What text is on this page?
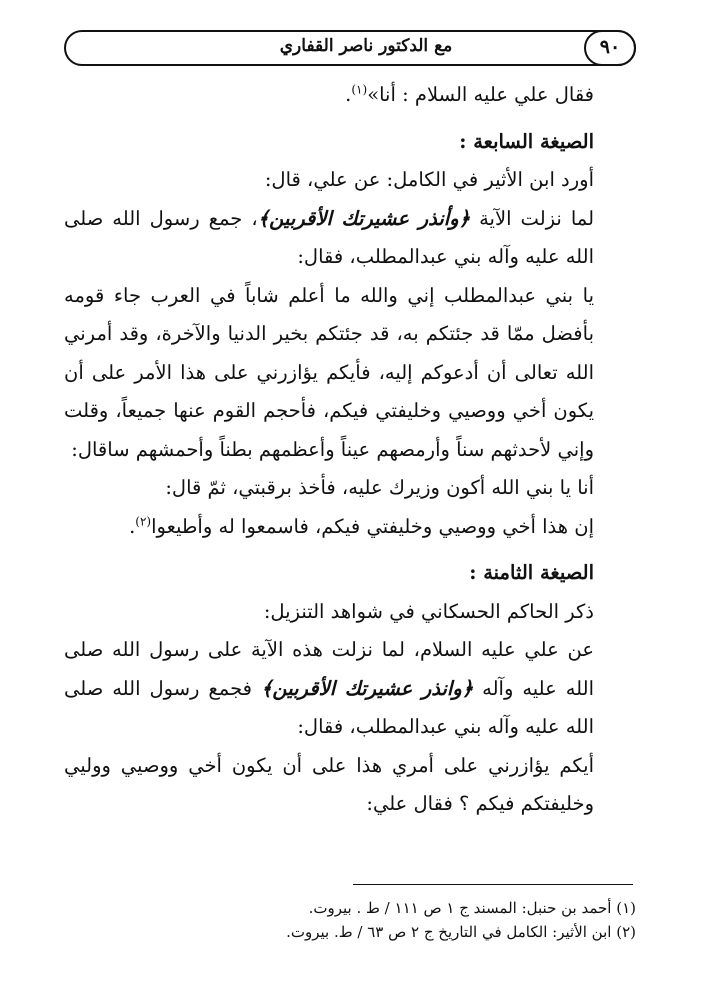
مع الدكتور ناصر القفاري	٩٠

فقال علي عليه السلام : أنا»$^{(١)}$.

الصيغة السابعة :

أورد ابن الأثير في الكامل: عن علي، قال:

لما نزلت الآية ﴿وأنذر عشيرتك الأقربين﴾، جمع رسول الله صلى الله عليه وآله بني عبدالمطلب، فقال:

يا بني عبدالمطلب إني والله ما أعلم شاباً في العرب جاء قومه بأفضل ممّا قد جئتكم به، قد جئتكم بخير الدنيا والآخرة، وقد أمرني الله تعالى أن أدعوكم إليه، فأيكم يؤازرني على هذا الأمر على أن يكون أخي ووصيي وخليفتي فيكم، فأحجم القوم عنها جميعاً، وقلت وإني لأحدثهم سناً وأرمصهم عيناً وأعظمهم بطناً وأحمشهم ساقال:

أنا يا بني الله أكون وزيرك عليه، فأخذ برقبتي، ثمّ قال:

إن هذا أخي ووصيي وخليفتي فيكم، فاسمعوا له وأطيعوا$^{(٢)}$.

الصيغة الثامنة :

ذكر الحاكم الحسكاني في شواهد التنزيل:

عن علي عليه السلام، لما نزلت هذه الآية على رسول الله صلى الله عليه وآله ﴿وانذر عشيرتك الأقربين﴾ فجمع رسول الله صلى الله عليه وآله بني عبدالمطلب، فقال:

أيكم يؤازرني على أمري هذا على أن يكون أخي ووصيي ووليي وخليفتكم فيكم ؟ فقال علي:

(١) أحمد بن حنبل: المسند ج ١ ص ١١١ / ط . بيروت.

(٢) ابن الأثير: الكامل في التاريخ ج ٢ ص ٦٣ / ط. بيروت.
